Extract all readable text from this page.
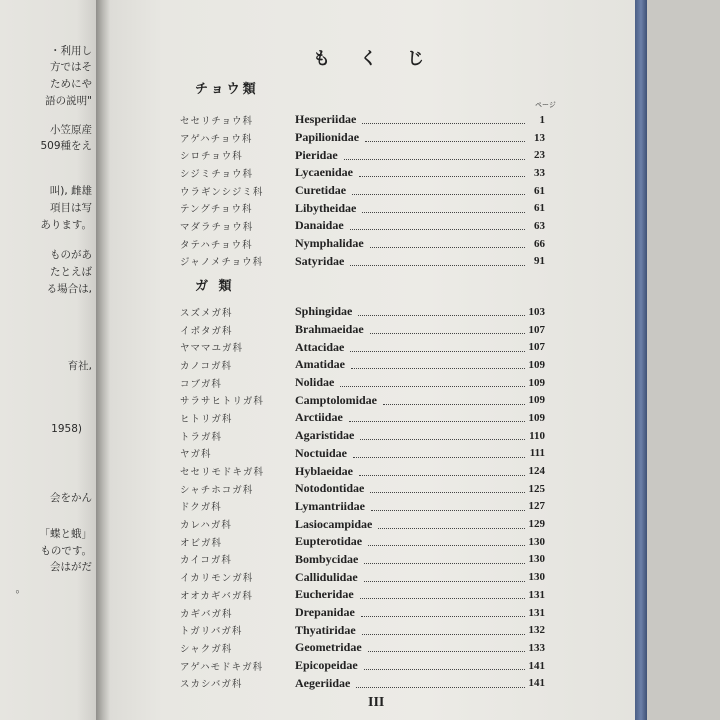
・利用し
方ではそ
ためにや
語の説明"
小笠原産
509種をえ
叫), 雌雄
項目は写
あります。
ものがあ
たとえば
る場合は,
育社,
1958)
会をかん
「蝶と蛾」
ものです。
会はがだ
。
もくじ
チョウ類
ページ
セセリチョウ科	Hesperiidae	1
アゲハチョウ科	Papilionidae	13
シロチョウ科	Pieridae	23
シジミチョウ科	Lycaenidae	33
ウラギンシジミ科	Curetidae	61
テングチョウ科	Libytheidae	61
マダラチョウ科	Danaidae	63
タテハチョウ科	Nymphalidae	66
ジャノメチョウ科	Satyridae	91
ガ 類
スズメガ科	Sphingidae	103
イボタガ科	Brahmaeidae	107
ヤママユガ科	Attacidae	107
カノコガ科	Amatidae	109
コブガ科	Nolidae	109
サラサヒトリガ科	Camptolomidae	109
ヒトリガ科	Arctiidae	109
トラガ科	Agaristidae	110
ヤガ科	Noctuidae	111
セセリモドキガ科	Hyblaeidae	124
シャチホコガ科	Notodontidae	125
ドクガ科	Lymantriidae	127
カレハガ科	Lasiocampidae	129
オビガ科	Eupterotidae	130
カイコガ科	Bombycidae	130
イカリモンガ科	Callidulidae	130
オオカギバガ科	Eucheridae	131
カギバガ科	Drepanidae	131
トガリバガ科	Thyatiridae	132
シャクガ科	Geometridae	133
アゲハモドキガ科	Epicopeidae	141
スカシバガ科	Aegeriidae	141
III
